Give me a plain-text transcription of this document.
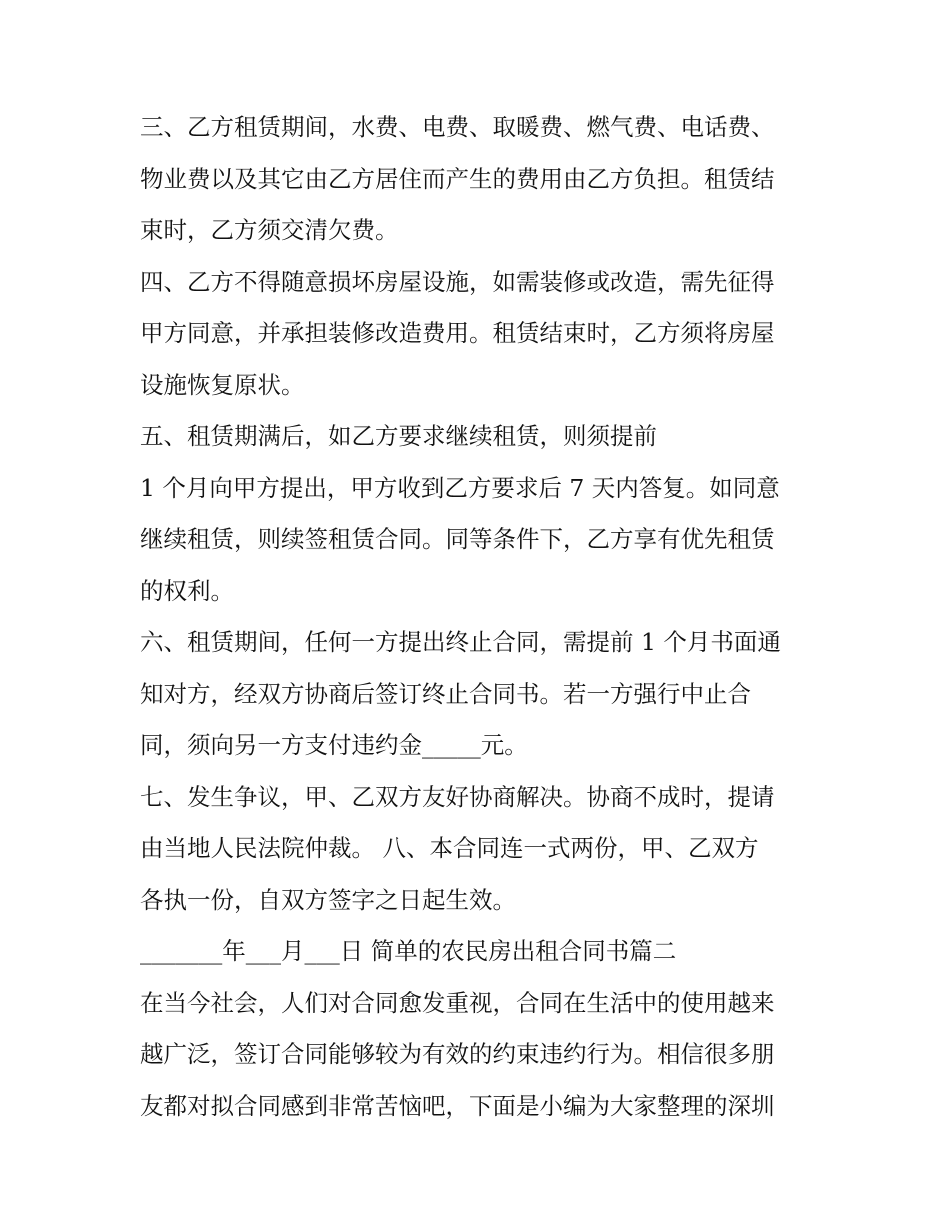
三、乙方租赁期间，水费、电费、取暖费、燃气费、电话费、

物业费以及其它由乙方居住而产生的费用由乙方负担。租赁结

束时，乙方须交清欠费。

四、乙方不得随意损坏房屋设施，如需装修或改造，需先征得

甲方同意，并承担装修改造费用。租赁结束时，乙方须将房屋

设施恢复原状。

五、租赁期满后，如乙方要求继续租赁，则须提前

1 个月向甲方提出，甲方收到乙方要求后 7 天内答复。如同意

继续租赁，则续签租赁合同。同等条件下，乙方享有优先租赁

的权利。

六、租赁期间，任何一方提出终止合同，需提前 1 个月书面通

知对方，经双方协商后签订终止合同书。若一方强行中止合

同，须向另一方支付违约金_____元。

七、发生争议，甲、乙双方友好协商解决。协商不成时，提请

由当地人民法院仲裁。 八、本合同连一式两份，甲、乙双方

各执一份，自双方签字之日起生效。

_______年___月___日 简单的农民房出租合同书篇二

在当今社会，人们对合同愈发重视，合同在生活中的使用越来

越广泛，签订合同能够较为有效的约束违约行为。相信很多朋

友都对拟合同感到非常苦恼吧，下面是小编为大家整理的深圳
